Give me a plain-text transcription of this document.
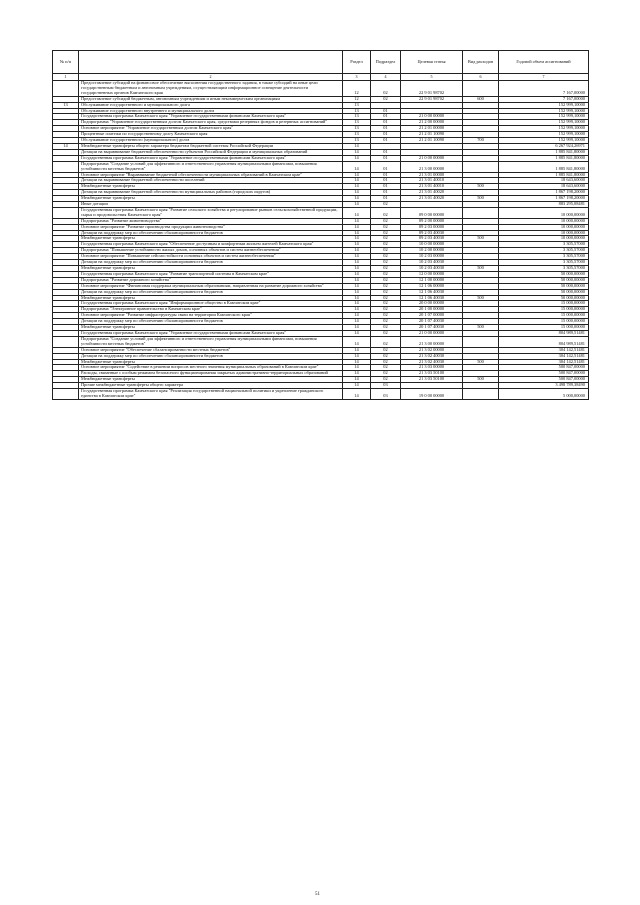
№ п/п		Раздел	Подраздел	Целевая статья	Вид расходов	Годовой объем ассигнований
1	2	3	4	5	6	7
	Предоставление субсидий на финансовое обеспечение выполнения государственного задания, в также субсидий на иные цели государственным бюджетным и автономным учреждениям, осуществляющим информационное освещение деятельности государственных органов Камчатского края	12	02	22 9 01 98702		7 167,00000
	Предоставление субсидий бюджетным, автономным учреждениям и иным некоммерческим организациям	12	02	22 9 01 98702	600	7 167,00000
13	Обслуживание государственного и муниципального долга	13				152 999,10000
	Обслуживание государственного внутреннего и муниципального долга	13	01			152 999,10000
	Государственная программа Камчатского края "Управление государственными финансами Камчатского края"	13	01	21 0 00 00000		152 999,10000
	Подпрограмма "Управление государственным долгом Камчатского края, средствами резервных фондов и резервных ассигнований"	13	01	21 2 00 00000		152 999,10000
	Основное мероприятие "Управление государственным долгом Камчатского края"	13	01	21 2 01 00000		152 999,10000
	Процентные платежи по государственному долгу Камчатского края	13	01	21 2 01 10090		152 999,10000
	Обслуживание государственного (муниципального) долга	13	01	21 2 01 10090	700	152 999,10000
14	Межбюджетные трансферты общего характера бюджетам бюджетной системы Российской Федерации	14				6 267 924,26971
	Дотации на выравнивание бюджетной обеспеченности субъектов Российской Федерации и муниципальных образований	14	01			1 885 841,80000
	Государственная программа Камчатского края "Управление государственными финансами Камчатского края"	14	01	21 0 00 00000		1 885 841,80000
	Подпрограмма "Создание условий для эффективного и ответственного управления муниципальными финансами, повышения устойчивости местных бюджетов"	14	01	21 3 00 00000		1 885 841,80000
	Основное мероприятие "Выравнивание бюджетной обеспеченности муниципальных образований в Камчатском крае"	14	01	21 3 01 00000		1 885 841,80000
	Дотации на выравнивание бюджетной обеспеченности поселений	14	01	21 3 01 40010		18 643,60000
	Межбюджетные трансферты	14	01	21 3 01 40010	500	18 643,60000
	Дотации на выравнивание бюджетной обеспеченности муниципальных районов (городских округов)	14	01	21 3 01 40020		1 867 198,20000
	Межбюджетные трансферты	14	01	21 3 01 40020	500	1 867 198,20000
	Иные дотации	14	02			883 295,08481
	Государственная программа Камчатского края "Развитие сельского хозяйства и регулирование рынков сельскохозяйственной продукции, сырья и продовольствия Камчатского края"	14	02	09 0 00 00000		10 000,00000
	Подпрограмма "Развитие животноводства"	14	02	09 2 00 00000		10 000,00000
	Основное мероприятие "Развитие производства продукции животноводства"	14	02	09 2 03 00000		10 000,00000
	Дотации на поддержку мер по обеспечению сбалансированности бюджетов	14	02	09 2 03 40030		10 000,00000
	Межбюджетные трансферты	14	02	09 2 03 40030	500	10 000,00000
	Государственная программа Камчатского края "Обеспечение доступным и комфортным жильем жителей Камчатского края"	14	02	10 0 00 00000		3 305,57000
	Подпрограмма "Повышение устойчивости жилых домов, основных объектов и систем жизнеобеспечения"	14	02	10 2 00 00000		3 305,57000
	Основное мероприятие "Повышение сейсмостойкости основных объектов и систем жизнеобеспечения"	14	02	10 2 03 00000		3 305,57000
	Дотации на поддержку мер по обеспечению сбалансированности бюджетов	14	02	10 2 03 40030		3 305,57000
	Межбюджетные трансферты	14	02	10 2 03 40030	500	3 305,57000
	Государственная программа Камчатского края "Развитие транспортной системы в Камчатском крае"	14	02	12 0 00 00000		50 000,00000
	Подпрограмма "Развитие дорожного хозяйства"	14	02	12 1 00 00000		50 000,00000
	Основное мероприятие "Финансовая поддержка муниципальным образованиям, направленная на развитие дорожного хозяйства"	14	02	12 1 06 00000		50 000,00000
	Дотации на поддержку мер по обеспечению сбалансированности бюджетов	14	02	12 1 06 40030		50 000,00000
	Межбюджетные трансферты	14	02	12 1 06 40030	500	50 000,00000
	Государственная программа Камчатского края "Информационное общество в Камчатском крае"	14	02	20 0 00 00000		15 000,00000
	Подпрограмма "Электронное правительство в Камчатском крае"	14	02	20 1 00 00000		15 000,00000
	Основное мероприятие "Развитие инфраструктуры связи на территории Камчатского края"	14	02	20 1 07 00000		15 000,00000
	Дотации на поддержку мер по обеспечению сбалансированности бюджетов	14	02	20 1 07 40030		15 000,00000
	Межбюджетные трансферты	14	02	20 1 07 40030	500	15 000,00000
	Государственная программа Камчатского края "Управление государственными финансами Камчатского края"	14	02	21 0 00 00000		804 989,51481
	Подпрограмма "Создание условий для эффективного и ответственного управления муниципальными финансами, повышения устойчивости местных бюджетов"	14	02	21 3 00 00000		804 989,51481
	Основное мероприятие "Обеспечение сбалансированности местных бюджетов"	14	02	21 3 02 00000		304 142,51481
	Дотации на поддержку мер по обеспечению сбалансированности бюджетов	14	02	21 3 02 40030		304 142,51481
	Межбюджетные трансферты	14	02	21 3 02 40030	500	304 142,51481
	Основное мероприятие "Содействие в решении вопросов местного значения муниципальных образований в Камчатском крае"	14	02	21 3 03 00000		500 847,00000
	Расходы, связанные с особым режимом безопасного функционирования закрытых административно-территориальных образований	14	02	21 3 03 50100		500 847,00000
	Межбюджетные трансферты	14	02	21 3 03 50100	500	500 847,00000
	Прочие межбюджетные трансферты общего характера	14	03			3 498 789,38490
	Государственная программа Камчатского края "Реализация государственной национальной политики и укрепление гражданского единства в Камчатском крае"	14	03	19 0 00 00000		5 000,00000
51
